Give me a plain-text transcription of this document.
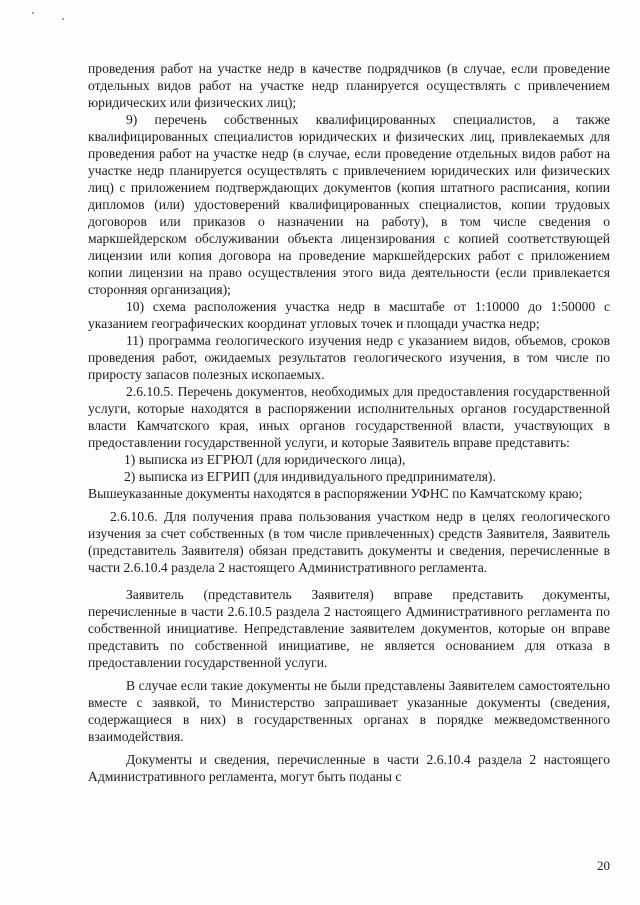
проведения работ на участке недр в качестве подрядчиков (в случае, если проведение отдельных видов работ на участке недр планируется осуществлять с привлечением юридических или физических лиц);

9) перечень собственных квалифицированных специалистов, а также квалифицированных специалистов юридических и физических лиц, привлекаемых для проведения работ на участке недр (в случае, если проведение отдельных видов работ на участке недр планируется осуществлять с привлечением юридических или физических лиц) с приложением подтверждающих документов (копия штатного расписания, копии дипломов (или) удостоверений квалифицированных специалистов, копии трудовых договоров или приказов о назначении на работу), в том числе сведения о маркшейдерском обслуживании объекта лицензирования с копией соответствующей лицензии или копия договора на проведение маркшейдерских работ с приложением копии лицензии на право осуществления этого вида деятельности (если привлекается сторонняя организация);

10) схема расположения участка недр в масштабе от 1:10000 до 1:50000 с указанием географических координат угловых точек и площади участка недр;

11) программа геологического изучения недр с указанием видов, объемов, сроков проведения работ, ожидаемых результатов геологического изучения, в том числе по приросту запасов полезных ископаемых.

2.6.10.5. Перечень документов, необходимых для предоставления государственной услуги, которые находятся в распоряжении исполнительных органов государственной власти Камчатского края, иных органов государственной власти, участвующих в предоставлении государственной услуги, и которые Заявитель вправе представить:

1) выписка из ЕГРЮЛ (для юридического лица),

2) выписка из ЕГРИП (для индивидуального предпринимателя).

Вышеуказанные документы находятся в распоряжении УФНС по Камчатскому краю;

2.6.10.6. Для получения права пользования участком недр в целях геологического изучения за счет собственных (в том числе привлеченных) средств Заявителя, Заявитель (представитель Заявителя) обязан представить документы и сведения, перечисленные в части 2.6.10.4 раздела 2 настоящего Административного регламента.

Заявитель (представитель Заявителя) вправе представить документы, перечисленные в части 2.6.10.5 раздела 2 настоящего Административного регламента по собственной инициативе. Непредставление заявителем документов, которые он вправе представить по собственной инициативе, не является основанием для отказа в предоставлении государственной услуги.

В случае если такие документы не были представлены Заявителем самостоятельно вместе с заявкой, то Министерство запрашивает указанные документы (сведения, содержащиеся в них) в государственных органах в порядке межведомственного взаимодействия.

Документы и сведения, перечисленные в части 2.6.10.4 раздела 2 настоящего Административного регламента, могут быть поданы с

20
